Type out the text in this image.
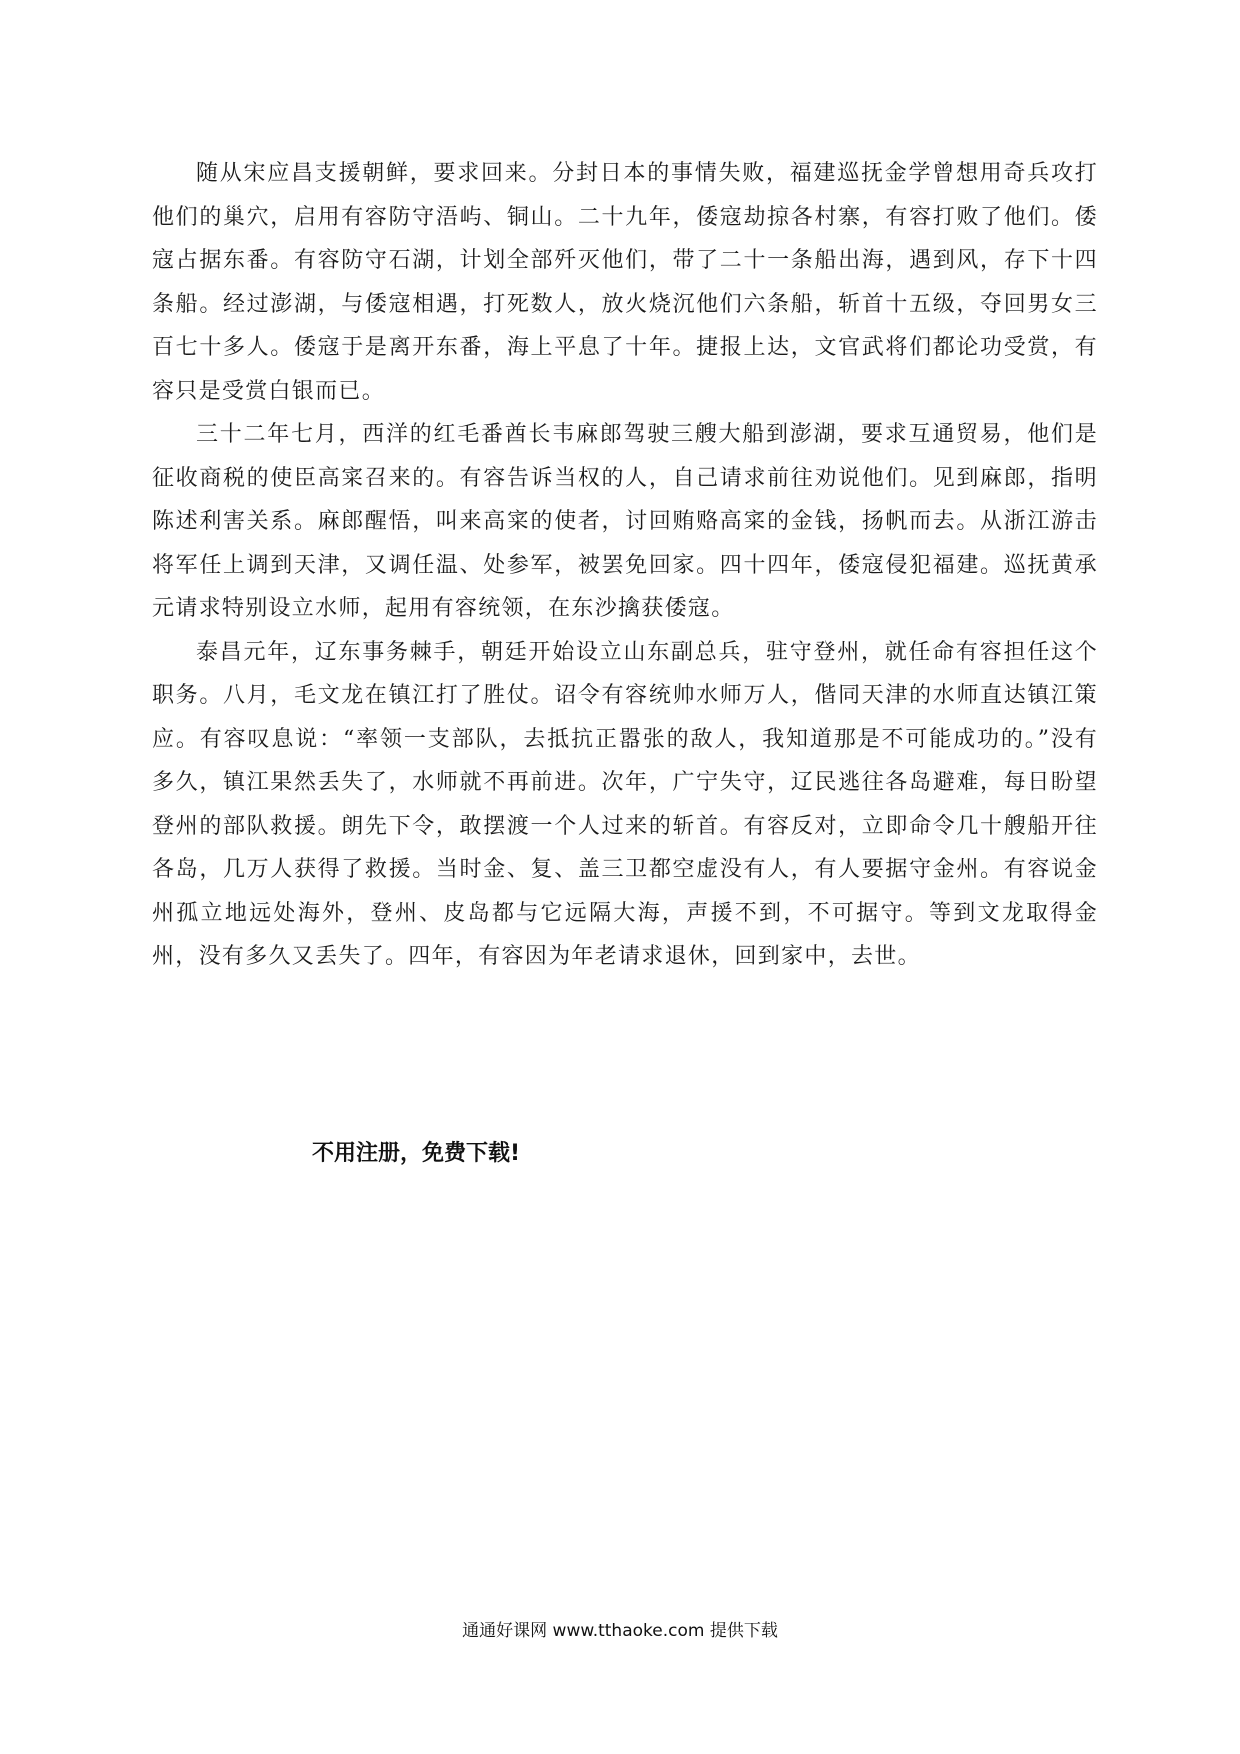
随从宋应昌支援朝鲜，要求回来。分封日本的事情失败，福建巡抚金学曾想用奇兵攻打他们的巢穴，启用有容防守浯屿、铜山。二十九年，倭寇劫掠各村寨，有容打败了他们。倭寇占据东番。有容防守石湖，计划全部歼灭他们，带了二十一条船出海，遇到风，存下十四条船。经过澎湖，与倭寇相遇，打死数人，放火烧沉他们六条船，斩首十五级，夺回男女三百七十多人。倭寇于是离开东番，海上平息了十年。捷报上达，文官武将们都论功受赏，有容只是受赏白银而已。

三十二年七月，西洋的红毛番酋长韦麻郎驾驶三艘大船到澎湖，要求互通贸易，他们是征收商税的使臣高寀召来的。有容告诉当权的人，自己请求前往劝说他们。见到麻郎，指明陈述利害关系。麻郎醒悟，叫来高寀的使者，讨回贿赂高寀的金钱，扬帆而去。从浙江游击将军任上调到天津，又调任温、处参军，被罢免回家。四十四年，倭寇侵犯福建。巡抚黄承元请求特别设立水师，起用有容统领，在东沙擒获倭寇。

泰昌元年，辽东事务棘手，朝廷开始设立山东副总兵，驻守登州，就任命有容担任这个职务。八月，毛文龙在镇江打了胜仗。诏令有容统帅水师万人，偕同天津的水师直达镇江策应。有容叹息说：“率领一支部队，去抵抗正嚣张的敌人，我知道那是不可能成功的。”没有多久，镇江果然丢失了，水师就不再前进。次年，广宁失守，辽民逃往各岛避难，每日盼望登州的部队救援。朗先下令，敢摆渡一个人过来的斩首。有容反对，立即命令几十艘船开往各岛，几万人获得了救援。当时金、复、盖三卫都空虚没有人，有人要据守金州。有容说金州孤立地远处海外，登州、皮岛都与它远隔大海，声援不到，不可据守。等到文龙取得金州，没有多久又丢失了。四年，有容因为年老请求退休，回到家中，去世。

不用注册，免费下载!

通通好课网 www.tthaoke.com 提供下载
